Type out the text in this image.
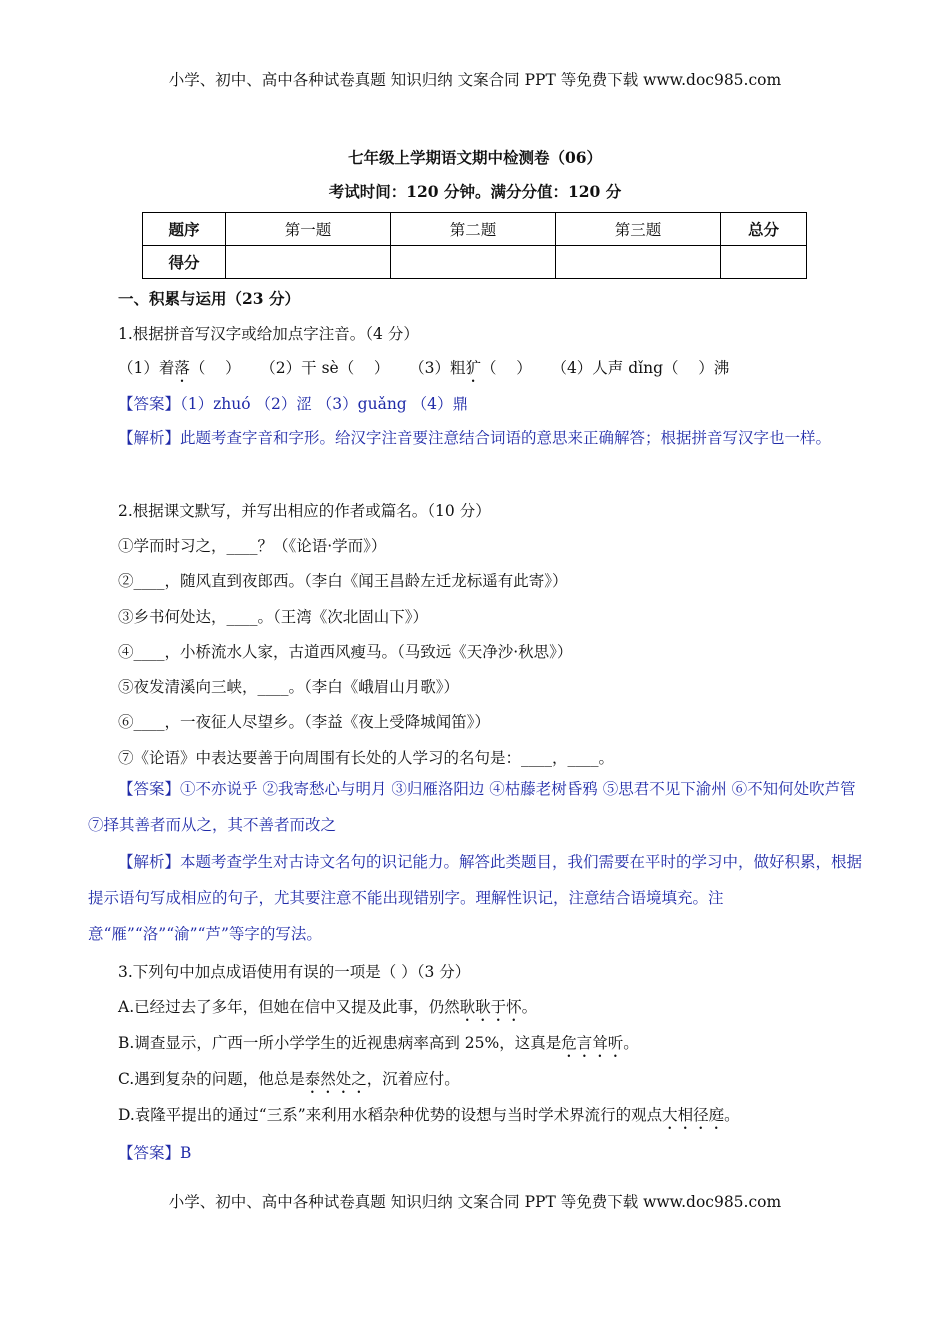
小学、初中、高中各种试卷真题 知识归纳 文案合同 PPT 等免费下载 www.doc985.com
七年级上学期语文期中检测卷（06）
考试时间：120 分钟。满分分值：120 分
题序	第一题	第二题	第三题	总分
得分				
一、积累与运用（23 分）
1.根据拼音写汉字或给加点字注音。（4 分）
（1）着落（    ）    （2）干 sè（    ）    （3）粗犷（    ）    （4）人声 dǐng（    ）沸
【答案】（1）zhuó （2）涩 （3）guǎng （4）鼎
【解析】此题考查字音和字形。给汉字注音要注意结合词语的意思来正确解答；根据拼音写汉字也一样。
2.根据课文默写，并写出相应的作者或篇名。（10 分）
①学而时习之，____？（《论语·学而》）
②____，随风直到夜郎西。（李白《闻王昌龄左迁龙标遥有此寄》）
③乡书何处达，____。（王湾《次北固山下》）
④____，小桥流水人家，古道西风瘦马。（马致远《天净沙·秋思》）
⑤夜发清溪向三峡，____。（李白《峨眉山月歌》）
⑥____，一夜征人尽望乡。（李益《夜上受降城闻笛》）
⑦《论语》中表达要善于向周围有长处的人学习的名句是：____，____。
【答案】①不亦说乎 ②我寄愁心与明月 ③归雁洛阳边 ④枯藤老树昏鸦 ⑤思君不见下渝州 ⑥不知何处吹芦管 ⑦择其善者而从之，其不善者而改之
【解析】本题考查学生对古诗文名句的识记能力。解答此类题目，我们需要在平时的学习中，做好积累，根据提示语句写成相应的句子，尤其要注意不能出现错别字。理解性识记，注意结合语境填充。注意“雁”“洛”“渝”“芦”等字的写法。
3.下列句中加点成语使用有误的一项是（ ）（3 分）
A.已经过去了多年，但她在信中又提及此事，仍然耿耿于怀。
B.调查显示，广西一所小学学生的近视患病率高到 25%，这真是危言耸听。
C.遇到复杂的问题，他总是泰然处之，沉着应付。
D.袁隆平提出的通过“三系”来利用水稻杂种优势的设想与当时学术界流行的观点大相径庭。
【答案】B
小学、初中、高中各种试卷真题 知识归纳 文案合同 PPT 等免费下载 www.doc985.com
